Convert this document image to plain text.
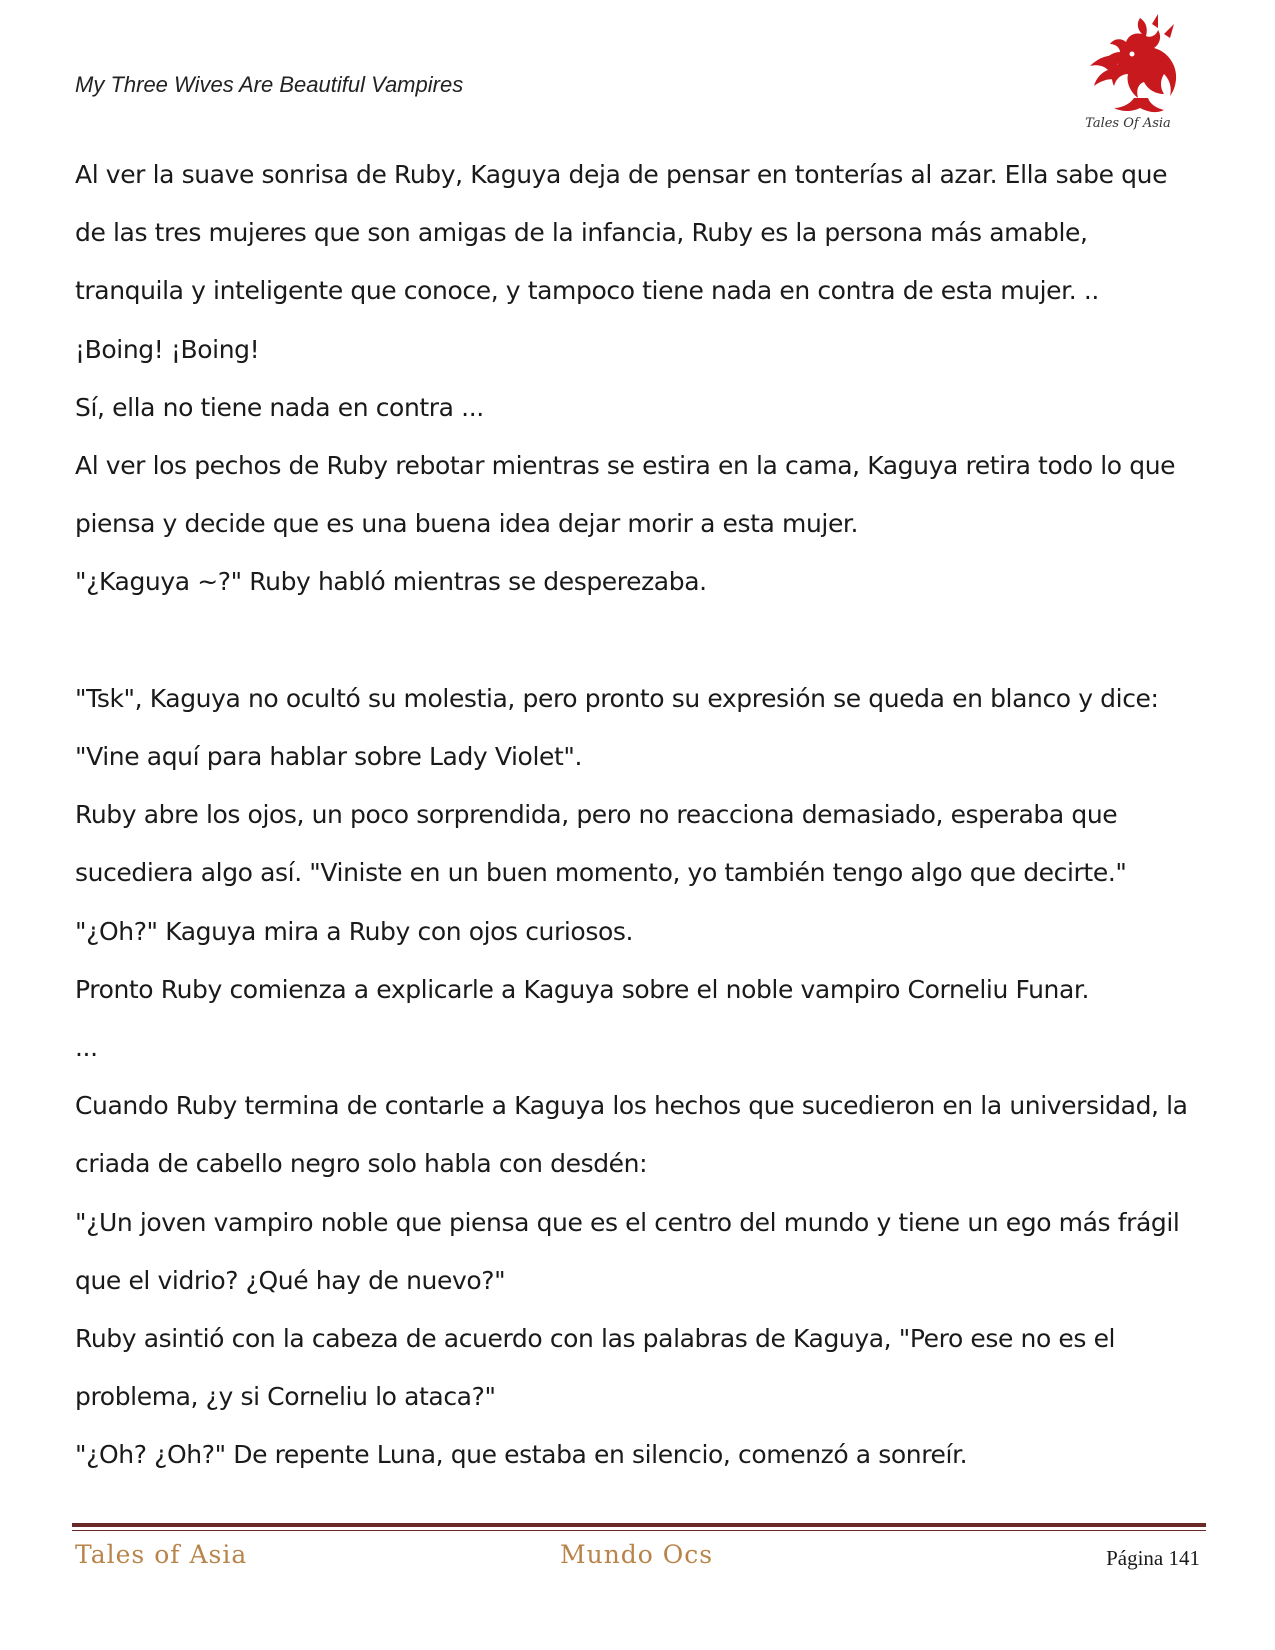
My Three Wives Are Beautiful Vampires
Tales Of Asia

Al ver la suave sonrisa de Ruby, Kaguya deja de pensar en tonterías al azar. Ella sabe que de las tres mujeres que son amigas de la infancia, Ruby es la persona más amable, tranquila y inteligente que conoce, y tampoco tiene nada en contra de esta mujer. ..

¡Boing! ¡Boing!

Sí, ella no tiene nada en contra ...

Al ver los pechos de Ruby rebotar mientras se estira en la cama, Kaguya retira todo lo que piensa y decide que es una buena idea dejar morir a esta mujer.

"¿Kaguya ~?" Ruby habló mientras se desperezaba.

"Tsk", Kaguya no ocultó su molestia, pero pronto su expresión se queda en blanco y dice: "Vine aquí para hablar sobre Lady Violet".

Ruby abre los ojos, un poco sorprendida, pero no reacciona demasiado, esperaba que sucediera algo así. "Viniste en un buen momento, yo también tengo algo que decirte."

"¿Oh?" Kaguya mira a Ruby con ojos curiosos.

Pronto Ruby comienza a explicarle a Kaguya sobre el noble vampiro Corneliu Funar.

...

Cuando Ruby termina de contarle a Kaguya los hechos que sucedieron en la universidad, la criada de cabello negro solo habla con desdén:

"¿Un joven vampiro noble que piensa que es el centro del mundo y tiene un ego más frágil que el vidrio? ¿Qué hay de nuevo?"

Ruby asintió con la cabeza de acuerdo con las palabras de Kaguya, "Pero ese no es el problema, ¿y si Corneliu lo ataca?"

"¿Oh? ¿Oh?" De repente Luna, que estaba en silencio, comenzó a sonreír.

Tales of Asia	Mundo Ocs	Página 141
